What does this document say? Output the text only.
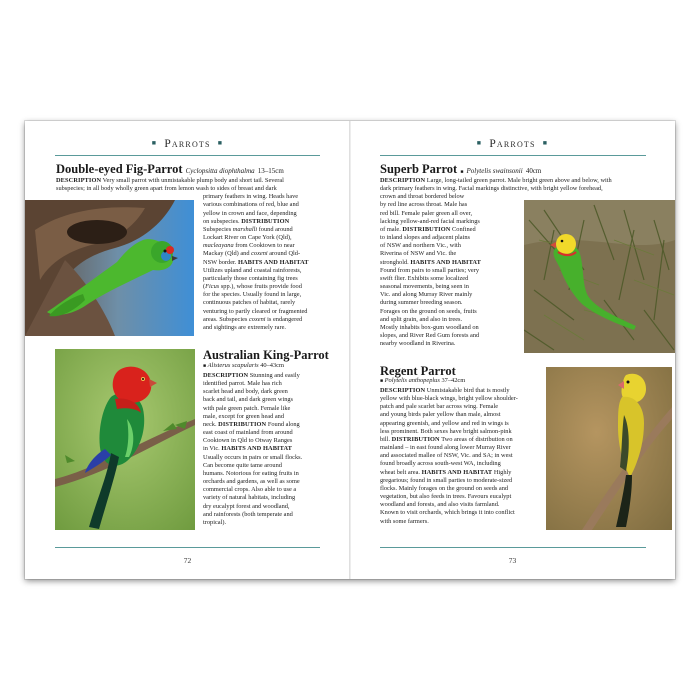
■ Parrots ■
Double-eyed Fig-Parrot Cyclopsitta diophthalma 13–15cm
DESCRIPTION Very small parrot with unmistakable plump body and short tail. Several
subspecies; in all body wholly green apart from lemon wash to sides of breast and dark
primary feathers in wing. Heads have
various combinations of red, blue and
yellow in crown and face, depending
on subspecies. DISTRIBUTION
Subspecies marshalli found around
Lockart River on Cape York (Qld),
macleayana from Cooktown to near
Mackay (Qld) and coxeni around Qld-
NSW border. HABITS AND HABITAT
Utilizes upland and coastal rainforests,
particularly those containing fig trees
(Ficus spp.), whose fruits provide food
for the species. Usually found in large,
continuous patches of habitat, rarely
venturing to partly cleared or fragmented
areas. Subspecies coxeni is endangered
and sightings are extremely rare.
Australian King-Parrot
■ Alisterus scapularis 40–43cm
DESCRIPTION Stunning and easily
identified parrot. Male has rich
scarlet head and body, dark green
back and tail, and dark green wings
with pale green patch. Female like
male, except for green head and
neck. DISTRIBUTION Found along
east coast of mainland from around
Cooktown in Qld to Otway Ranges
in Vic. HABITS AND HABITAT
Usually occurs in pairs or small flocks.
Can become quite tame around
humans. Notorious for eating fruits in
orchards and gardens, as well as some
commercial crops. Also able to use a
variety of natural habitats, including
dry eucalypt forest and woodland,
and rainforests (both temperate and
tropical).
72
■ Parrots ■
Superb Parrot ■ Polytelis swainsonii 40cm
DESCRIPTION Large, long-tailed green parrot. Male bright green above and below, with
dark primary feathers in wing. Facial markings distinctive, with bright yellow forehead,
crown and throat bordered below
by red line across throat. Male has
red bill. Female paler green all over,
lacking yellow-and-red facial markings
of male. DISTRIBUTION Confined
to inland slopes and adjacent plains
of NSW and northern Vic., with
Riverina of NSW and Vic. the
stronghold. HABITS AND HABITAT
Found from pairs to small parties; very
swift flier. Exhibits some localized
seasonal movements, being seen in
Vic. and along Murray River mainly
during summer breeding season.
Forages on the ground on seeds, fruits
and split grain, and also in trees.
Mostly inhabits box-gum woodland on
slopes, and River Red Gum forests and
nearby woodland in Riverina.
Regent Parrot
■ Polytelis anthopeplus 37–42cm
DESCRIPTION Unmistakable bird that is mostly
yellow with blue-black wings, bright yellow shoulder-
patch and pale scarlet bar across wing. Female
and young birds paler yellow than male, almost
appearing greenish, and yellow and red in wings is
less prominent. Both sexes have bright salmon-pink
bill. DISTRIBUTION Two areas of distribution on
mainland – in east found along lower Murray River
and associated mallee of NSW, Vic. and SA; in west
found broadly across south-west WA, including
wheat belt area. HABITS AND HABITAT Highly
gregarious; found in small parties to moderate-sized
flocks. Mainly forages on the ground on seeds and
vegetation, but also feeds in trees. Favours eucalypt
woodland and forests, and also visits farmland.
Known to visit orchards, which brings it into conflict
with some farmers.
73
